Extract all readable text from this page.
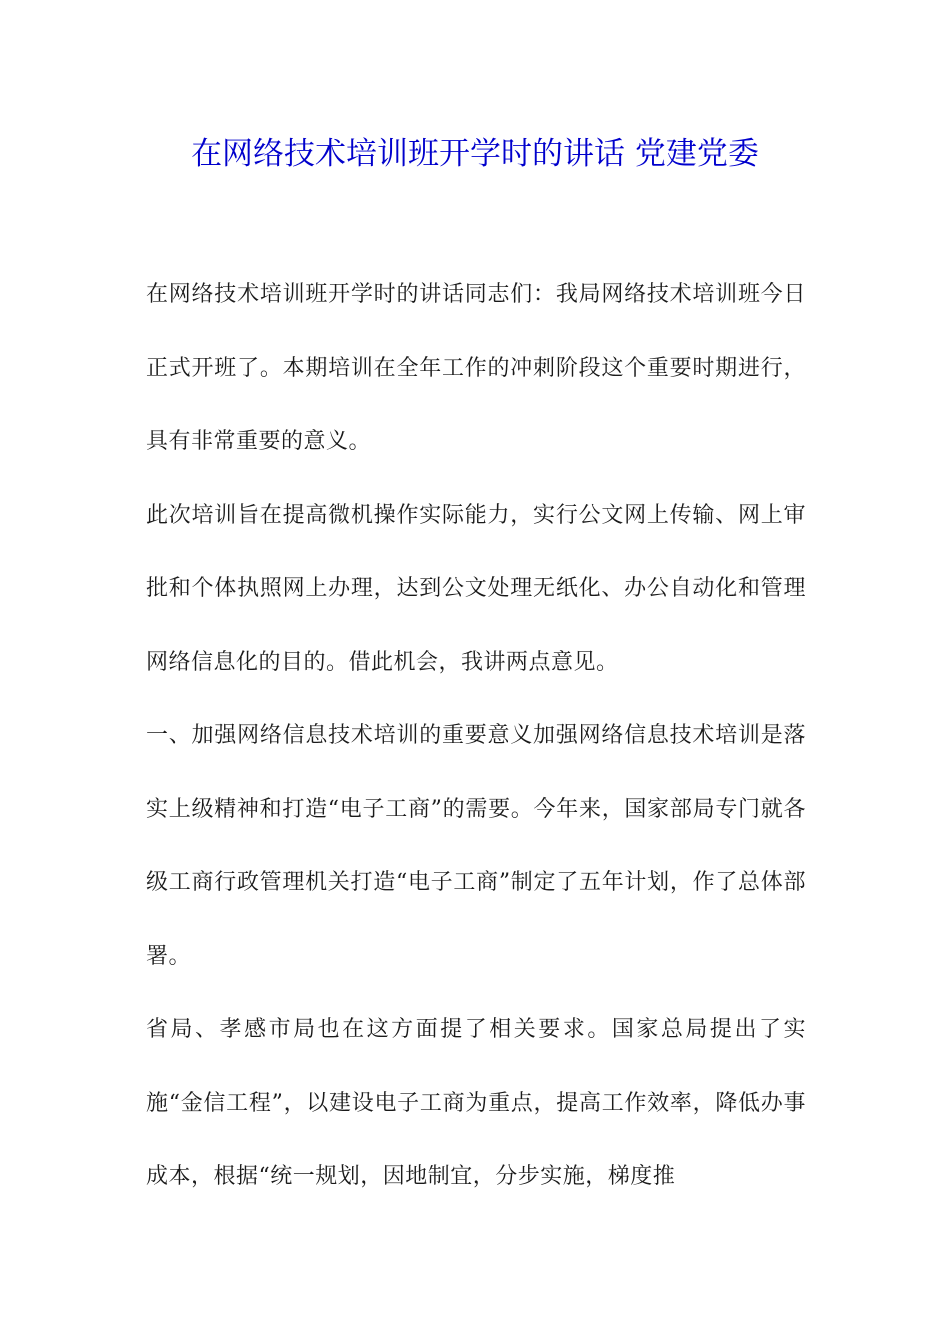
在网络技术培训班开学时的讲话 党建党委

在网络技术培训班开学时的讲话同志们：我局网络技术培训班今日正式开班了。本期培训在全年工作的冲刺阶段这个重要时期进行，具有非常重要的意义。

此次培训旨在提高微机操作实际能力，实行公文网上传输、网上审批和个体执照网上办理，达到公文处理无纸化、办公自动化和管理网络信息化的目的。借此机会，我讲两点意见。

一、加强网络信息技术培训的重要意义加强网络信息技术培训是落实上级精神和打造“电子工商”的需要。今年来，国家部局专门就各级工商行政管理机关打造“电子工商”制定了五年计划，作了总体部署。

省局、孝感市局也在这方面提了相关要求。国家总局提出了实施“金信工程”，以建设电子工商为重点，提高工作效率，降低办事成本，根据“统一规划，因地制宜，分步实施，梯度推
